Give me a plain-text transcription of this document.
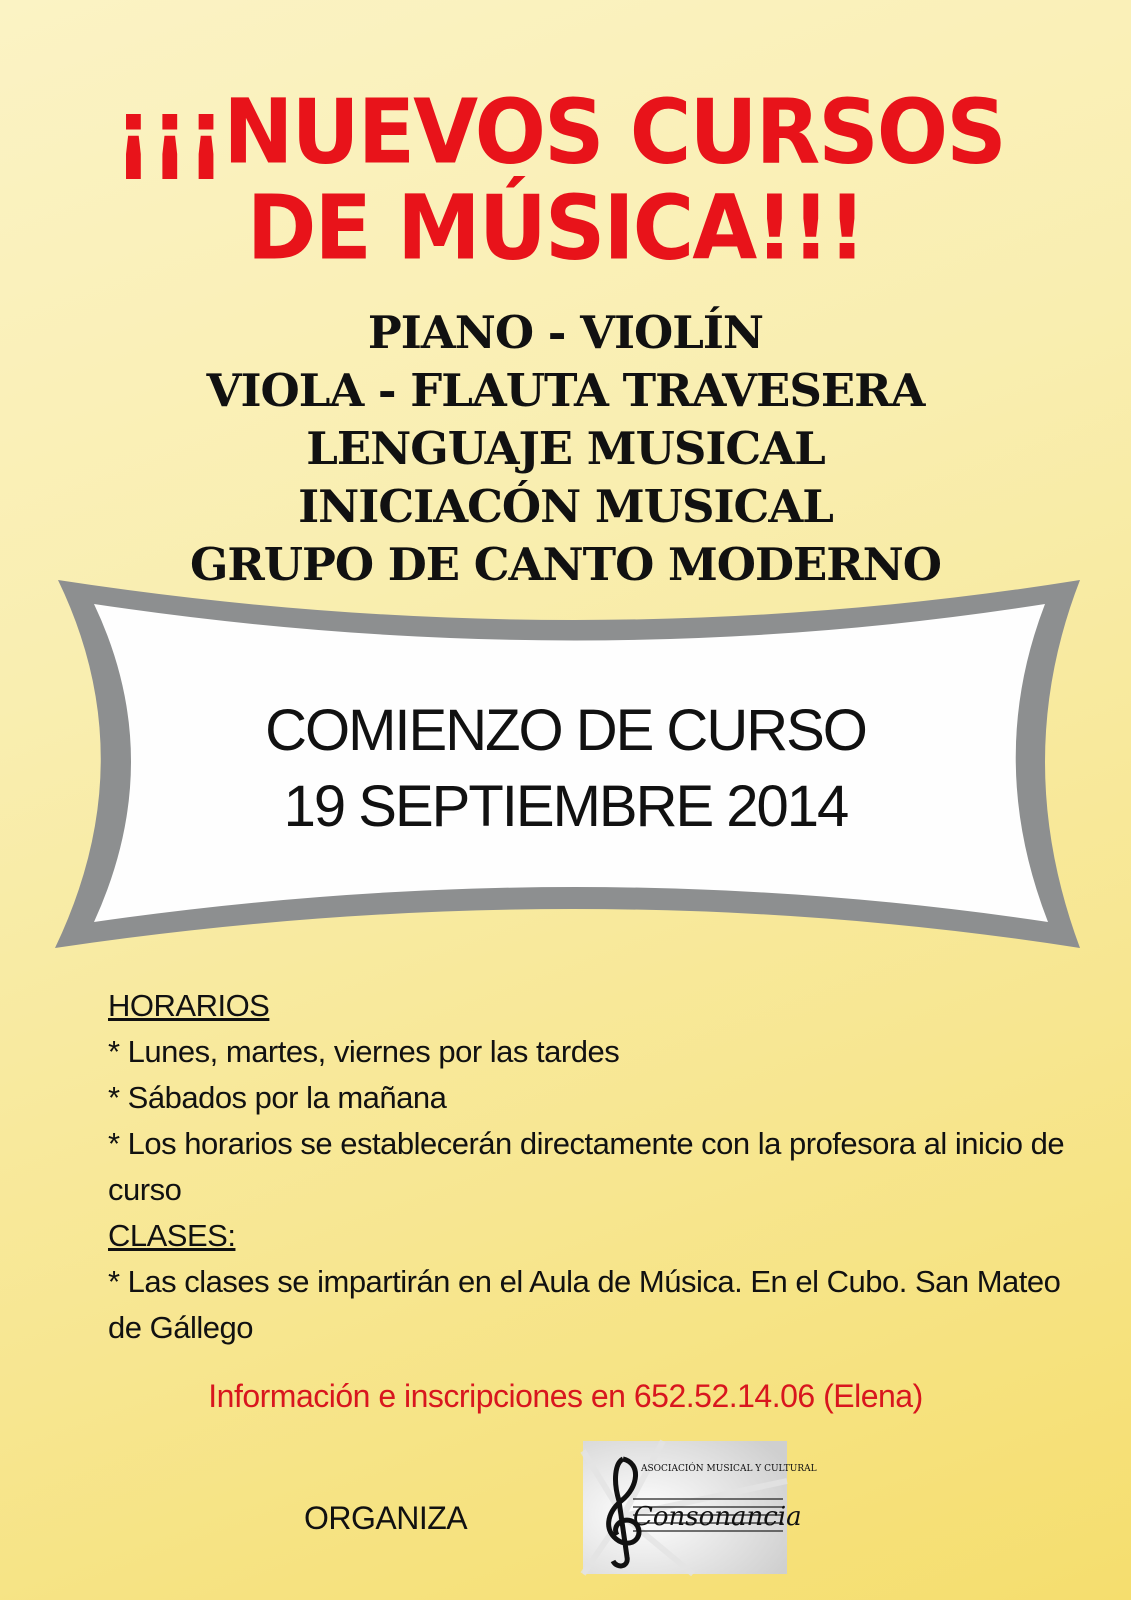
¡¡¡NUEVOS CURSOS
DE MÚSICA!!!
PIANO - VIOLÍN
VIOLA - FLAUTA TRAVESERA
LENGUAJE MUSICAL
INICIACÓN MUSICAL
GRUPO DE CANTO MODERNO
COMIENZO DE CURSO
19 SEPTIEMBRE 2014
HORARIOS
* Lunes, martes, viernes por las tardes
* Sábados por la mañana
* Los horarios se establecerán directamente con la profesora al inicio de curso
CLASES:
* Las clases se impartirán en el Aula de Música. En el Cubo. San Mateo de Gállego
Información e inscripciones en 652.52.14.06 (Elena)
ORGANIZA
ASOCIACIÓN MUSICAL Y CULTURAL
Consonancia
